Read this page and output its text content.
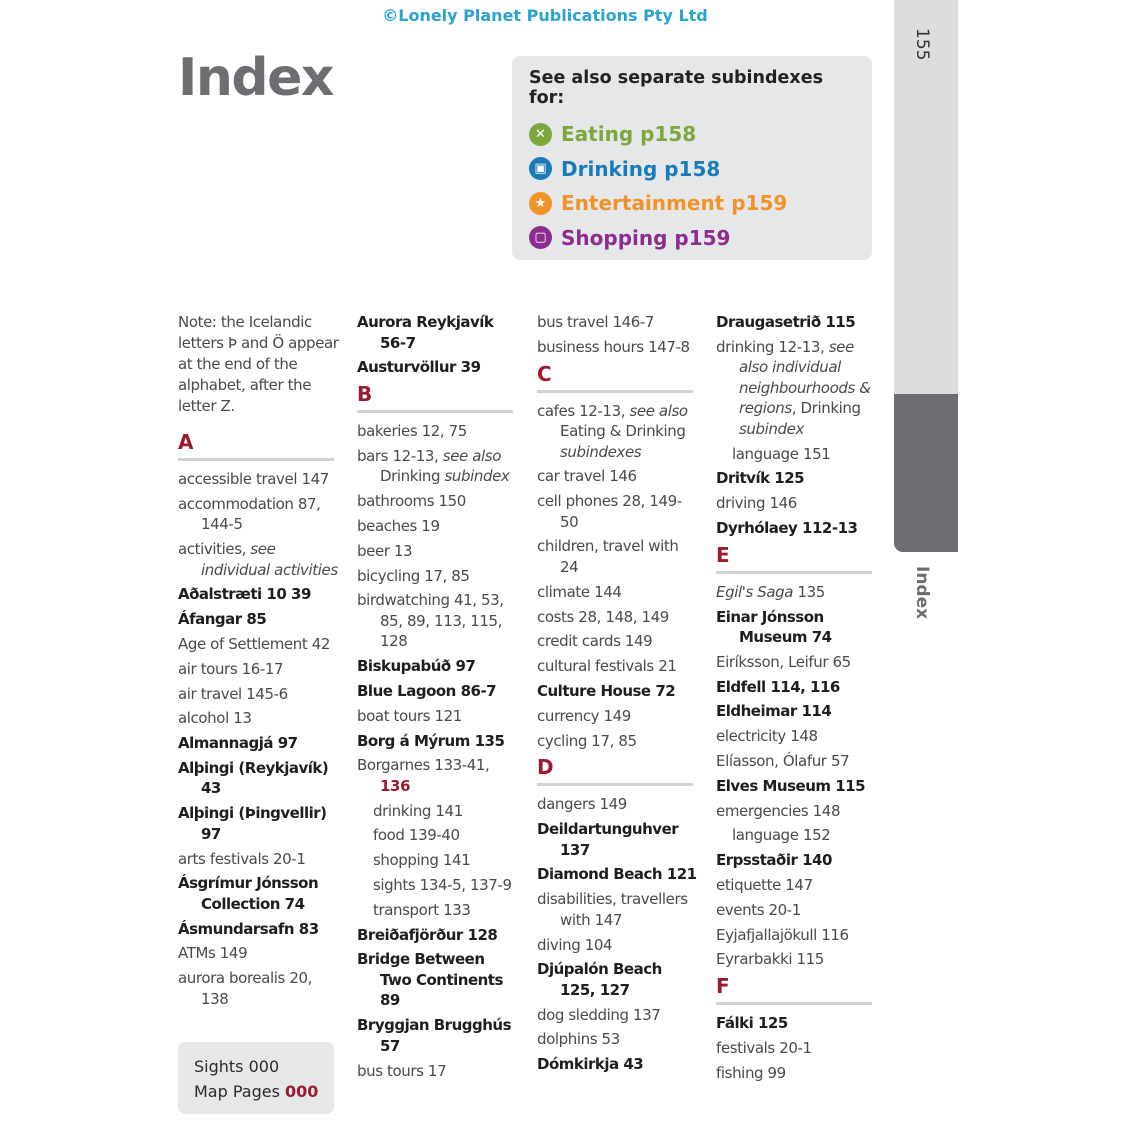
©Lonely Planet Publications Pty Ltd
Index	See also separate subindexes for:
✕ Eating p158
▣ Drinking p158
★ Entertainment p159
▢ Shopping p159
155
Index
Note: the Icelandic letters Þ and Ö appear at the end of the alphabet, after the letter Z.
A
accessible travel 147
accommodation 87, 144-5
activities, see individual activities
Aðalstræti 10 39
Áfangar 85
Age of Settlement 42
air tours 16-17
air travel 145-6
alcohol 13
Almannagjá 97
Alþingi (Reykjavík) 43
Alþingi (Þingvellir) 97
arts festivals 20-1
Ásgrímur Jónsson Collection 74
Ásmundarsafn 83
ATMs 149
aurora borealis 20, 138
Aurora Reykjavík 56-7
Austurvöllur 39
B
bakeries 12, 75
bars 12-13, see also Drinking subindex
bathrooms 150
beaches 19
beer 13
bicycling 17, 85
birdwatching 41, 53, 85, 89, 113, 115, 128
Biskupabúð 97
Blue Lagoon 86-7
boat tours 121
Borg á Mýrum 135
Borgarnes 133-41, 136
drinking 141
food 139-40
shopping 141
sights 134-5, 137-9
transport 133
Breiðafjörður 128
Bridge Between Two Continents 89
Bryggjan Brugghús 57
bus tours 17
bus travel 146-7
business hours 147-8
C
cafes 12-13, see also Eating & Drinking subindexes
car travel 146
cell phones 28, 149-50
children, travel with 24
climate 144
costs 28, 148, 149
credit cards 149
cultural festivals 21
Culture House 72
currency 149
cycling 17, 85
D
dangers 149
Deildartunguhver 137
Diamond Beach 121
disabilities, travellers with 147
diving 104
Djúpalón Beach 125, 127
dog sledding 137
dolphins 53
Dómkirkja 43
Draugasetrið 115
drinking 12-13, see also individual neighbourhoods & regions, Drinking subindex
language 151
Dritvík 125
driving 146
Dyrhólaey 112-13
E
Egil's Saga 135
Einar Jónsson Museum 74
Eiríksson, Leifur 65
Eldfell 114, 116
Eldheimar 114
electricity 148
Elíasson, Ólafur 57
Elves Museum 115
emergencies 148
language 152
Erpsstaðir 140
etiquette 147
events 20-1
Eyjafjallajökull 116
Eyrarbakki 115
F
Fálki 125
festivals 20-1
fishing 99
Sights 000
Map Pages 000
